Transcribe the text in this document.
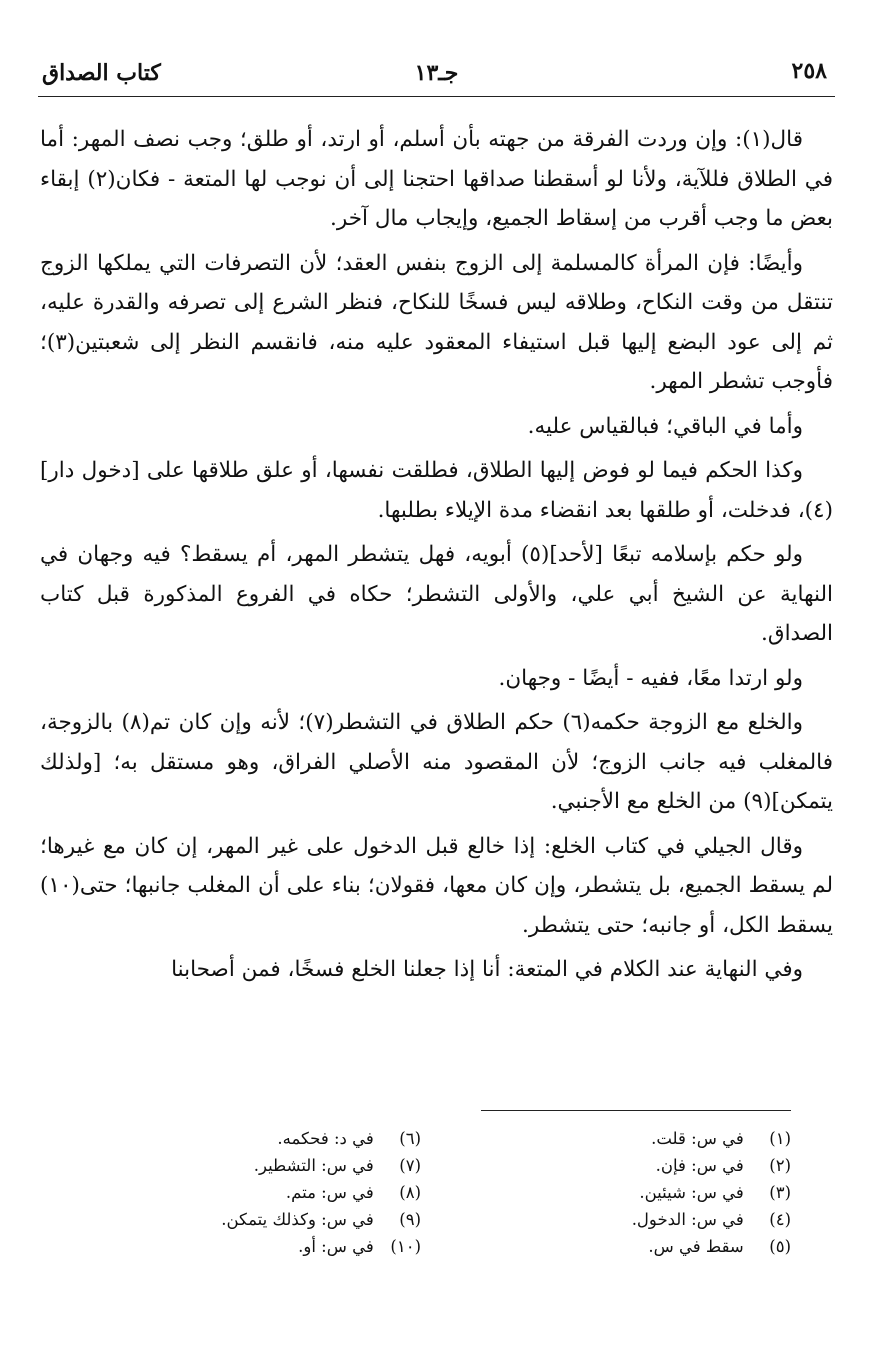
٢٥٨
جـ١٣
كتاب الصداق

قال(١): وإن وردت الفرقة من جهته بأن أسلم، أو ارتد، أو طلق؛ وجب نصف المهر: أما في الطلاق فللآية، ولأنا لو أسقطنا صداقها احتجنا إلى أن نوجب لها المتعة - فكان(٢) إبقاء بعض ما وجب أقرب من إسقاط الجميع، وإيجاب مال آخر.

وأيضًا: فإن المرأة كالمسلمة إلى الزوج بنفس العقد؛ لأن التصرفات التي يملكها الزوج تنتقل من وقت النكاح، وطلاقه ليس فسخًا للنكاح، فنظر الشرع إلى تصرفه والقدرة عليه، ثم إلى عود البضع إليها قبل استيفاء المعقود عليه منه، فانقسم النظر إلى شعبتين(٣)؛ فأوجب تشطر المهر.

وأما في الباقي؛ فبالقياس عليه.

وكذا الحكم فيما لو فوض إليها الطلاق، فطلقت نفسها، أو علق طلاقها على [دخول دار](٤)، فدخلت، أو طلقها بعد انقضاء مدة الإيلاء بطلبها.

ولو حكم بإسلامه تبعًا [لأحد](٥) أبويه، فهل يتشطر المهر، أم يسقط؟ فيه وجهان في النهاية عن الشيخ أبي علي، والأولى التشطر؛ حكاه في الفروع المذكورة قبل كتاب الصداق.

ولو ارتدا معًا، ففيه - أيضًا - وجهان.

والخلع مع الزوجة حكمه(٦) حكم الطلاق في التشطر(٧)؛ لأنه وإن كان تم(٨) بالزوجة، فالمغلب فيه جانب الزوج؛ لأن المقصود منه الأصلي الفراق، وهو مستقل به؛ [ولذلك يتمكن](٩) من الخلع مع الأجنبي.

وقال الجيلي في كتاب الخلع: إذا خالع قبل الدخول على غير المهر، إن كان مع غيرها؛ لم يسقط الجميع، بل يتشطر، وإن كان معها، فقولان؛ بناء على أن المغلب جانبها؛ حتى(١٠) يسقط الكل، أو جانبه؛ حتى يتشطر.

وفي النهاية عند الكلام في المتعة: أنا إذا جعلنا الخلع فسخًا، فمن أصحابنا

(١) في س: قلت.
(٢) في س: فإن.
(٣) في س: شيئين.
(٤) في س: الدخول.
(٥) سقط في س.
(٦) في د: فحكمه.
(٧) في س: التشطير.
(٨) في س: متم.
(٩) في س: وكذلك يتمكن.
(١٠) في س: أو.
